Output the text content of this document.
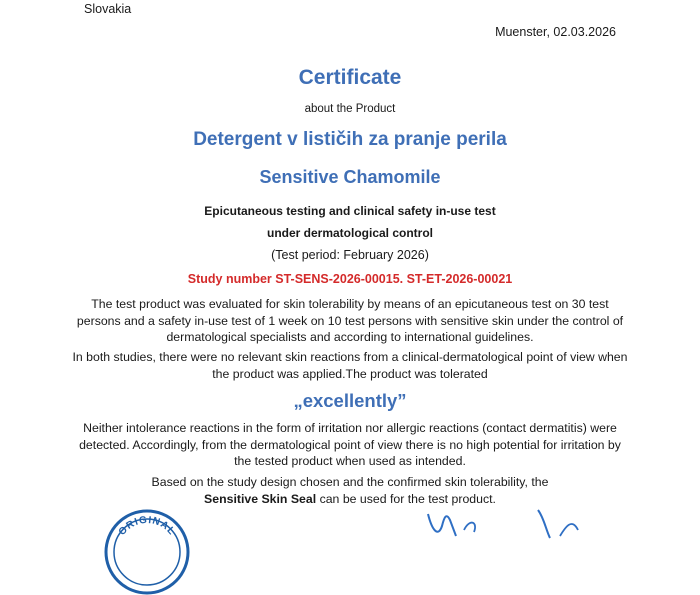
Slovakia
Muenster, 02.03.2026
Certificate
about the Product
Detergent v lističih za pranje perila
Sensitive Chamomile
Epicutaneous testing and clinical safety in-use test
under dermatological control
(Test period: February 2026)
Study number ST-SENS-2026-00015. ST-ET-2026-00021
The test product was evaluated for skin tolerability by means of an epicutaneous test on 30 test persons and a safety in-use test of 1 week on 10 test persons with sensitive skin under the control of dermatological specialists and according to international guidelines.
In both studies, there were no relevant skin reactions from a clinical-dermatological point of view when the product was applied.The product was tolerated
„excellently”
Neither intolerance reactions in the form of irritation nor allergic reactions (contact dermatitis) were detected. Accordingly, from the dermatological point of view there is no high potential for irritation by the tested product when used as intended.
Based on the study design chosen and the confirmed skin tolerability, the
Sensitive Skin Seal can be used for the test product.
ORIGINAL
